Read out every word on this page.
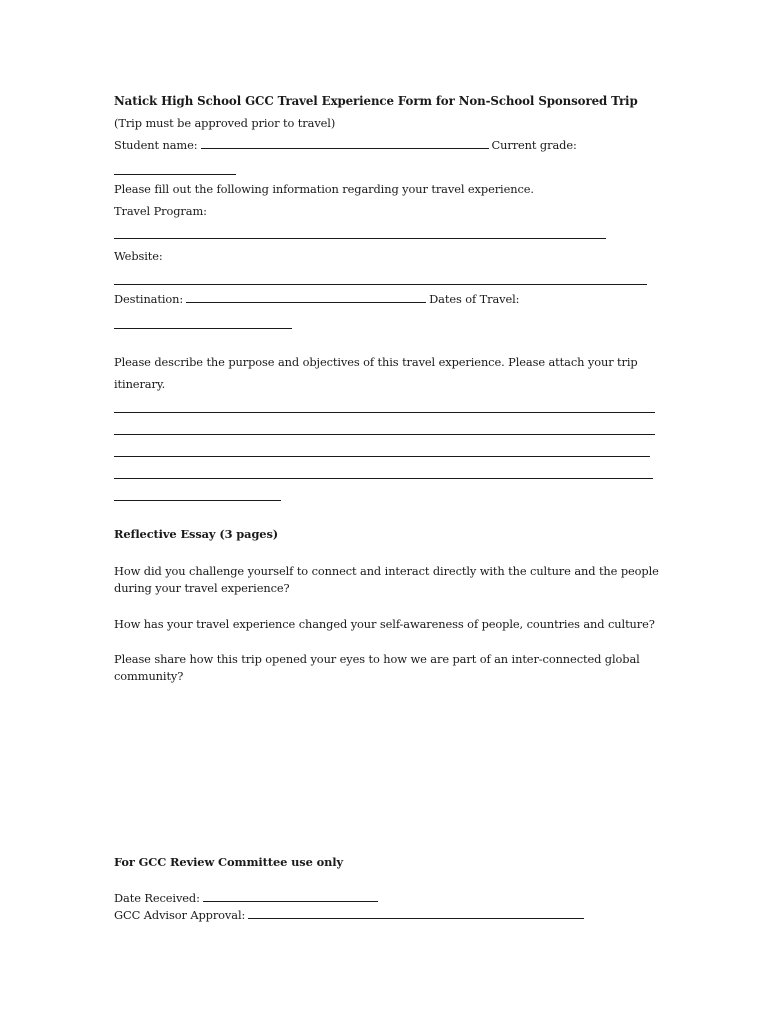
Natick High School GCC Travel Experience Form for Non-School Sponsored Trip
(Trip must be approved prior to travel)
Student name:	Current grade:
Please fill out the following information regarding your travel experience.
Travel Program:
Website:
Destination:	Dates of Travel:
Please describe the purpose and objectives of this travel experience. Please attach your trip
itinerary.
Reflective Essay (3 pages)
How did you challenge yourself to connect and interact directly with the culture and the people
during your travel experience?
How has your travel experience changed your self-awareness of people, countries and culture?
Please share how this trip opened your eyes to how we are part of an inter-connected global
community?
For GCC Review Committee use only
Date Received:
GCC Advisor Approval:
